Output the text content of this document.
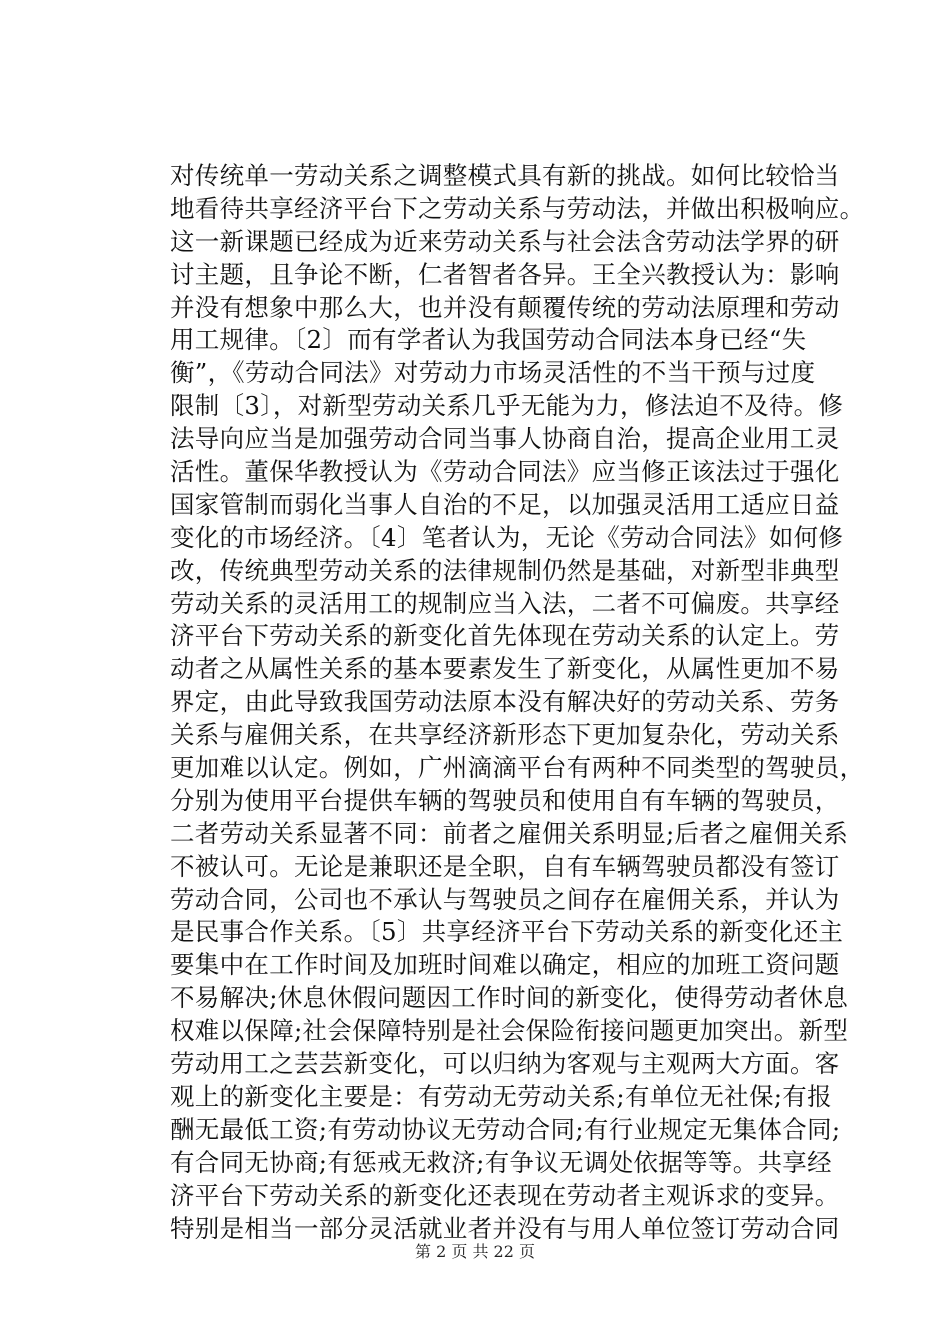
对传统单一劳动关系之调整模式具有新的挑战。如何比较恰当
地看待共享经济平台下之劳动关系与劳动法，并做出积极响应。
这一新课题已经成为近来劳动关系与社会法含劳动法学界的研
讨主题，且争论不断，仁者智者各异。王全兴教授认为：影响
并没有想象中那么大，也并没有颠覆传统的劳动法原理和劳动
用工规律。〔2〕而有学者认为我国劳动合同法本身已经“失
衡”，《劳动合同法》对劳动力市场灵活性的不当干预与过度
限制〔3〕，对新型劳动关系几乎无能为力，修法迫不及待。修
法导向应当是加强劳动合同当事人协商自治，提高企业用工灵
活性。董保华教授认为《劳动合同法》应当修正该法过于强化
国家管制而弱化当事人自治的不足，以加强灵活用工适应日益
变化的市场经济。〔4〕笔者认为，无论《劳动合同法》如何修
改，传统典型劳动关系的法律规制仍然是基础，对新型非典型
劳动关系的灵活用工的规制应当入法，二者不可偏废。共享经
济平台下劳动关系的新变化首先体现在劳动关系的认定上。劳
动者之从属性关系的基本要素发生了新变化，从属性更加不易
界定，由此导致我国劳动法原本没有解决好的劳动关系、劳务
关系与雇佣关系，在共享经济新形态下更加复杂化，劳动关系
更加难以认定。例如，广州滴滴平台有两种不同类型的驾驶员，
分别为使用平台提供车辆的驾驶员和使用自有车辆的驾驶员，
二者劳动关系显著不同：前者之雇佣关系明显;后者之雇佣关系
不被认可。无论是兼职还是全职，自有车辆驾驶员都没有签订
劳动合同，公司也不承认与驾驶员之间存在雇佣关系，并认为
是民事合作关系。〔5〕共享经济平台下劳动关系的新变化还主
要集中在工作时间及加班时间难以确定，相应的加班工资问题
不易解决;休息休假问题因工作时间的新变化，使得劳动者休息
权难以保障;社会保障特别是社会保险衔接问题更加突出。新型
劳动用工之芸芸新变化，可以归纳为客观与主观两大方面。客
观上的新变化主要是：有劳动无劳动关系;有单位无社保;有报
酬无最低工资;有劳动协议无劳动合同;有行业规定无集体合同;
有合同无协商;有惩戒无救济;有争议无调处依据等等。共享经
济平台下劳动关系的新变化还表现在劳动者主观诉求的变异。
特别是相当一部分灵活就业者并没有与用人单位签订劳动合同
第 2 页 共 22 页
